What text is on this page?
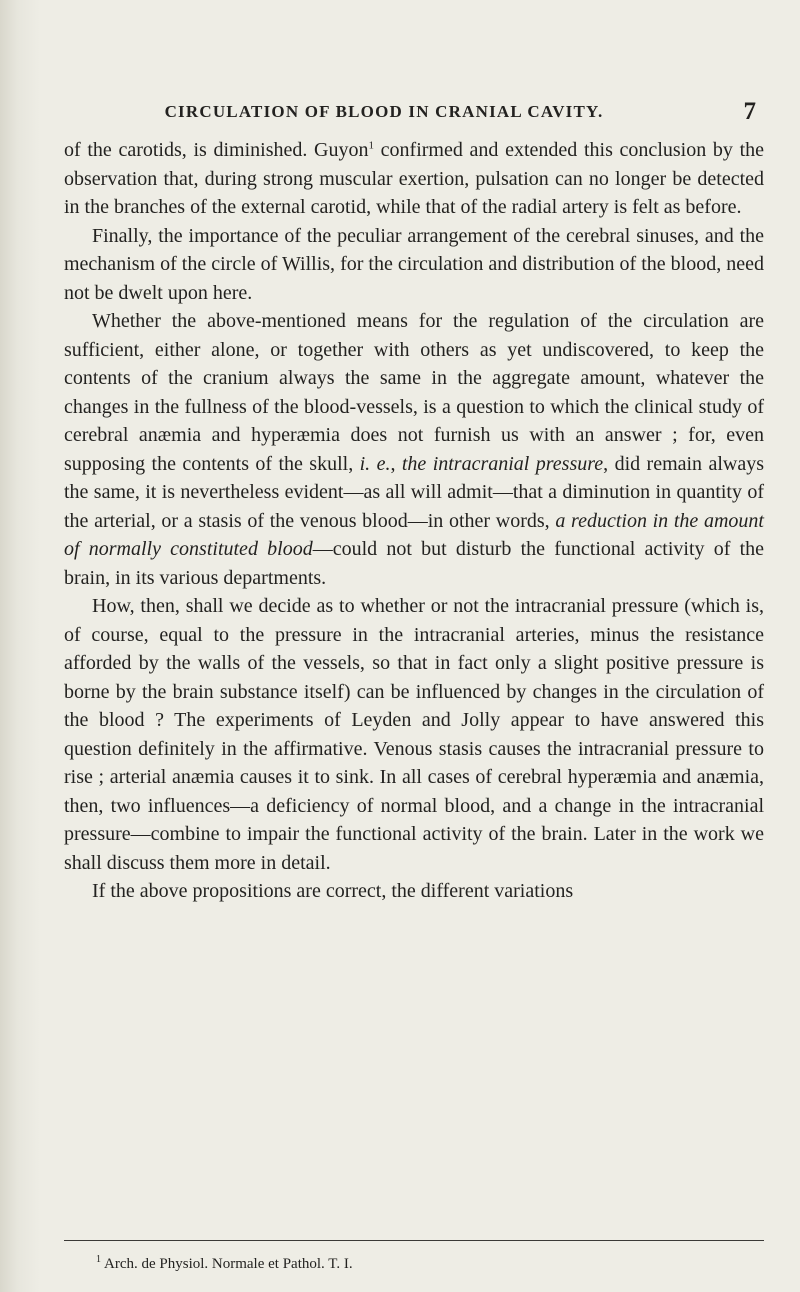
CIRCULATION OF BLOOD IN CRANIAL CAVITY.	7

of the carotids, is diminished. Guyon$^1$ confirmed and extended this conclusion by the observation that, during strong muscular exertion, pulsation can no longer be detected in the branches of the external carotid, while that of the radial artery is felt as before.

Finally, the importance of the peculiar arrangement of the cerebral sinuses, and the mechanism of the circle of Willis, for the circulation and distribution of the blood, need not be dwelt upon here.

Whether the above-mentioned means for the regulation of the circulation are sufficient, either alone, or together with others as yet undiscovered, to keep the contents of the cranium always the same in the aggregate amount, whatever the changes in the fullness of the blood-vessels, is a question to which the clinical study of cerebral anæmia and hyperæmia does not furnish us with an answer ; for, even supposing the contents of the skull, i. e., the intracranial pressure, did remain always the same, it is nevertheless evident—as all will admit—that a diminution in quantity of the arterial, or a stasis of the venous blood—in other words, a reduction in the amount of normally constituted blood—could not but disturb the functional activity of the brain, in its various departments.

How, then, shall we decide as to whether or not the intracranial pressure (which is, of course, equal to the pressure in the intracranial arteries, minus the resistance afforded by the walls of the vessels, so that in fact only a slight positive pressure is borne by the brain substance itself) can be influenced by changes in the circulation of the blood ? The experiments of Leyden and Jolly appear to have answered this question definitely in the affirmative. Venous stasis causes the intracranial pressure to rise ; arterial anæmia causes it to sink. In all cases of cerebral hyperæmia and anæmia, then, two influences—a deficiency of normal blood, and a change in the intracranial pressure—combine to impair the functional activity of the brain. Later in the work we shall discuss them more in detail.

If the above propositions are correct, the different variations

$^1$ Arch. de Physiol. Normale et Pathol. T. I.
